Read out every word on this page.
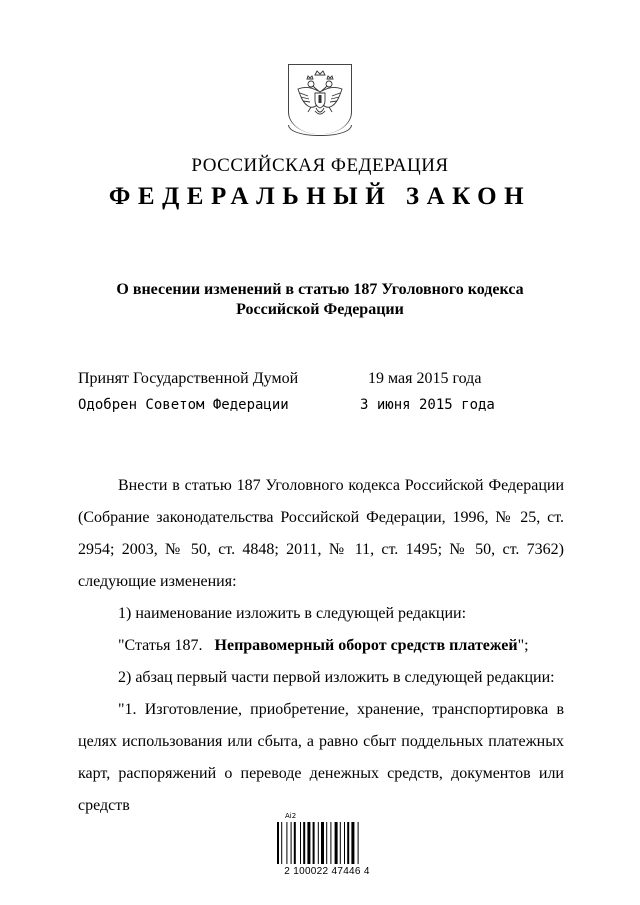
РОССИЙСКАЯ ФЕДЕРАЦИЯ
ФЕДЕРАЛЬНЫЙ ЗАКОН
О внесении изменений в статью 187 Уголовного кодекса
Российской Федерации
Принят Государственной Думой	19 мая 2015 года
Одобрен Советом Федерации	3 июня 2015 года

Внести в статью 187 Уголовного кодекса Российской Федерации (Собрание законодательства Российской Федерации, 1996, № 25, ст. 2954; 2003, № 50, ст. 4848; 2011, № 11, ст. 1495; № 50, ст. 7362) следующие изменения:

1) наименование изложить в следующей редакции:

"Статья 187. Неправомерный оборот средств платежей";

2) абзац первый части первой изложить в следующей редакции:

"1. Изготовление, приобретение, хранение, транспортировка в целях использования или сбыта, а равно сбыт поддельных платежных карт, распоряжений о переводе денежных средств, документов или средств

Ai2
2 100022 47446 4
